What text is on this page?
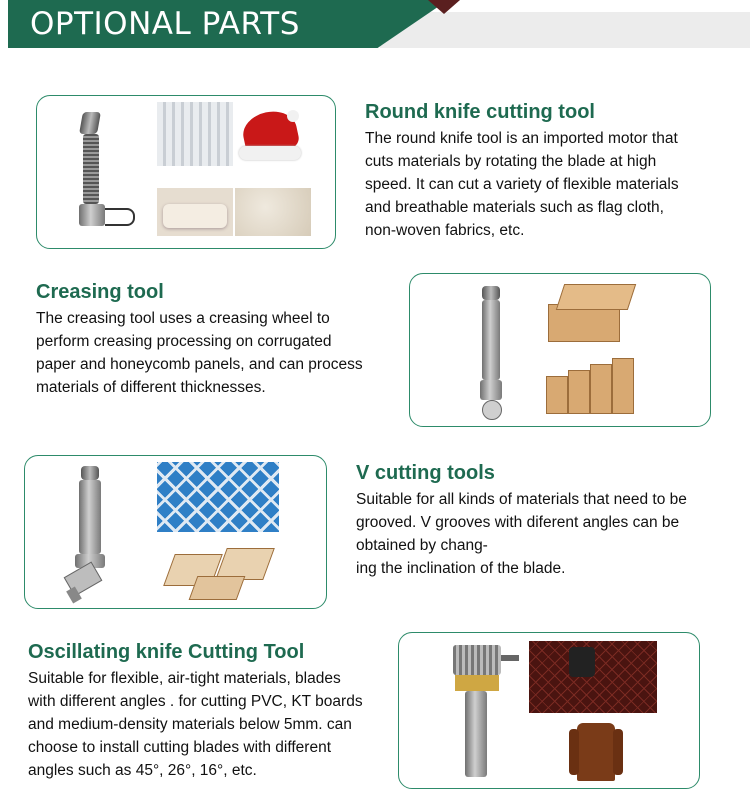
OPTIONAL PARTS
Round knife cutting tool
The round knife tool is an imported motor that
cuts materials by rotating the blade at high
speed. It can cut a variety of flexible materials
and breathable materials such as flag cloth,
non-woven fabrics, etc.
Creasing tool
The creasing tool uses a creasing wheel to
perform creasing processing on corrugated
paper and honeycomb panels, and can process
materials of different thicknesses.
V cutting tools
Suitable for all kinds of materials that need to be
grooved. V grooves with diferent angles can be
obtained by chang-
ing the inclination of the blade.
Oscillating knife Cutting Tool
Suitable for flexible, air-tight materials, blades
with different angles . for cutting PVC, KT boards
and medium-density materials below 5mm. can
choose to install cutting blades with different
angles such as 45°, 26°, 16°, etc.
